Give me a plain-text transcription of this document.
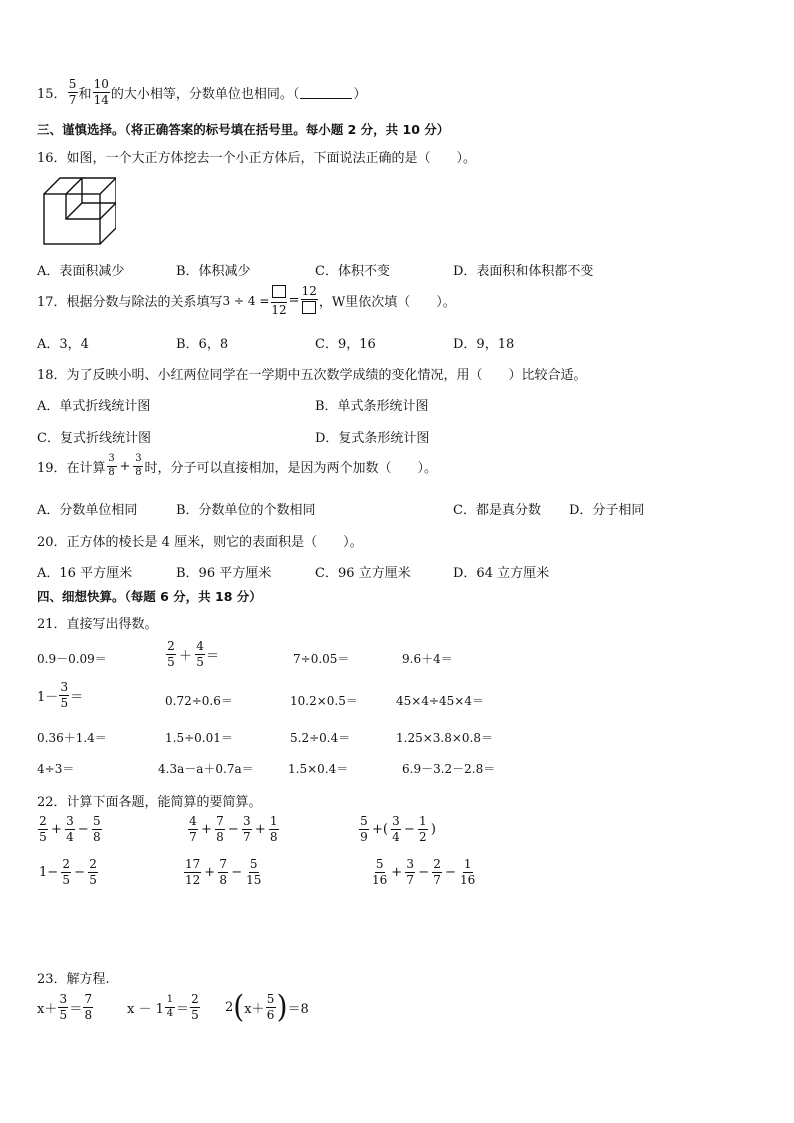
15． $\frac{5}{7}$ 和 $\frac{10}{14}$ 的大小相等，分数单位也相同。（	）
三、谨慎选择。（将正确答案的标号填在括号里。每小题 2 分，共 10 分）
16．如图，一个大正方体挖去一个小正方体后，下面说法正确的是（　　）。
A．表面积减少	B．体积减少	C．体积不变	D．表面积和体积都不变
17．根据分数与除法的关系填写 3 ÷ 4 =
12
=
12
，W里依次填（　　）。
A．3，4	B．6，8	C．9，16	D．9，18
18．为了反映小明、小红两位同学在一学期中五次数学成绩的变化情况，用（　　）比较合适。
A．单式折线统计图	B．单式条形统计图
C．复式折线统计图	D．复式条形统计图
19．在计算 $\frac{3}{8} + \frac{3}{8}$ 时，分子可以直接相加，是因为两个加数（　　）。
A．分数单位相同	B．分数单位的个数相同	C．都是真分数 D．分子相同
20．正方体的棱长是 4 厘米，则它的表面积是（　　）。
A．16 平方厘米	B．96 平方厘米	C．96 立方厘米	D．64 立方厘米
四、细想快算。（每题 6 分，共 18 分）
21．直接写出得数。
0.9－0.09＝	$\frac{2}{5} + \frac{4}{5}$ ＝	7÷0.05＝	9.6＋4＝
$1- \frac{3}{5}$ ＝	0.72÷0.6＝	10.2×0.5＝	45×4÷45×4＝
0.36＋1.4＝	1.5÷0.01＝	5.2÷0.4＝	1.25×3.8×0.8＝
4÷3＝	4.3a－a＋0.7a＝	1.5×0.4＝	6.9－3.2－2.8＝
22．计算下面各题，能简算的要简算。
$\frac{2}{5} + \frac{3}{4} - \frac{5}{8}$	$\frac{4}{7} + \frac{7}{8} - \frac{3}{7} + \frac{1}{8}$	$\frac{5}{9}$ +( $\frac{3}{4} - \frac{1}{2}$ )
$1- \frac{2}{5} - \frac{2}{5}$	$\frac{17}{12} + \frac{7}{8} - \frac{5}{15}$	$\frac{5}{16} + \frac{3}{7} - \frac{2}{7} - \frac{1}{16}$
23．解方程.
$x+ \frac{3}{5} = \frac{7}{8}$	$x - 1 \frac{1}{4} = \frac{2}{5} 2$ ( $x+ \frac{5}{6}$ ) ＝8
